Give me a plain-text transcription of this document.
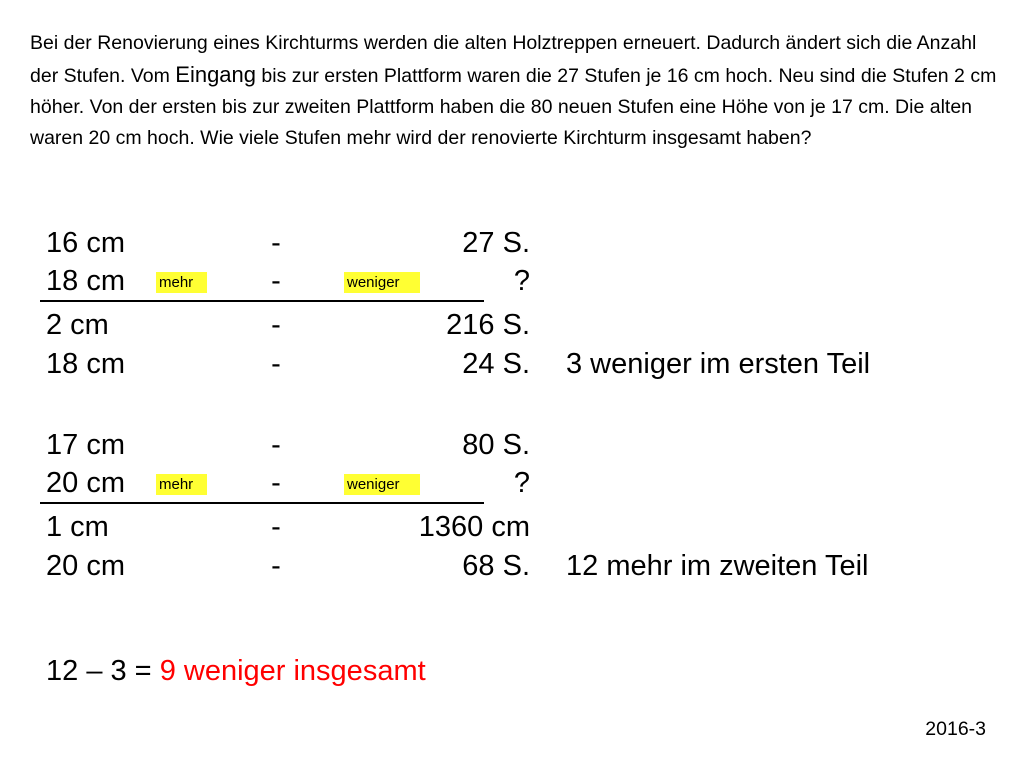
Bei der Renovierung eines Kirchturms werden die alten Holztreppen erneuert. Dadurch ändert sich die Anzahl der Stufen. Vom Eingang bis zur ersten Plattform waren die 27 Stufen je 16 cm hoch. Neu sind die Stufen 2 cm höher. Von der ersten bis zur zweiten Plattform haben die 80 neuen Stufen eine Höhe von je 17 cm. Die alten waren 20 cm hoch. Wie viele Stufen mehr wird der renovierte Kirchturm insgesamt haben?

16 cm	-	27 S.
18 cm mehr	-	weniger	?
2 cm	-	216 S.
18 cm	-	24 S. 3 weniger im ersten Teil
17 cm	-	80 S.
20 cm mehr	-	weniger	?
1 cm	-	1360 cm
20 cm	-	68 S. 12 mehr im zweiten Teil
12 – 3 = 9 weniger insgesamt
2016-3
